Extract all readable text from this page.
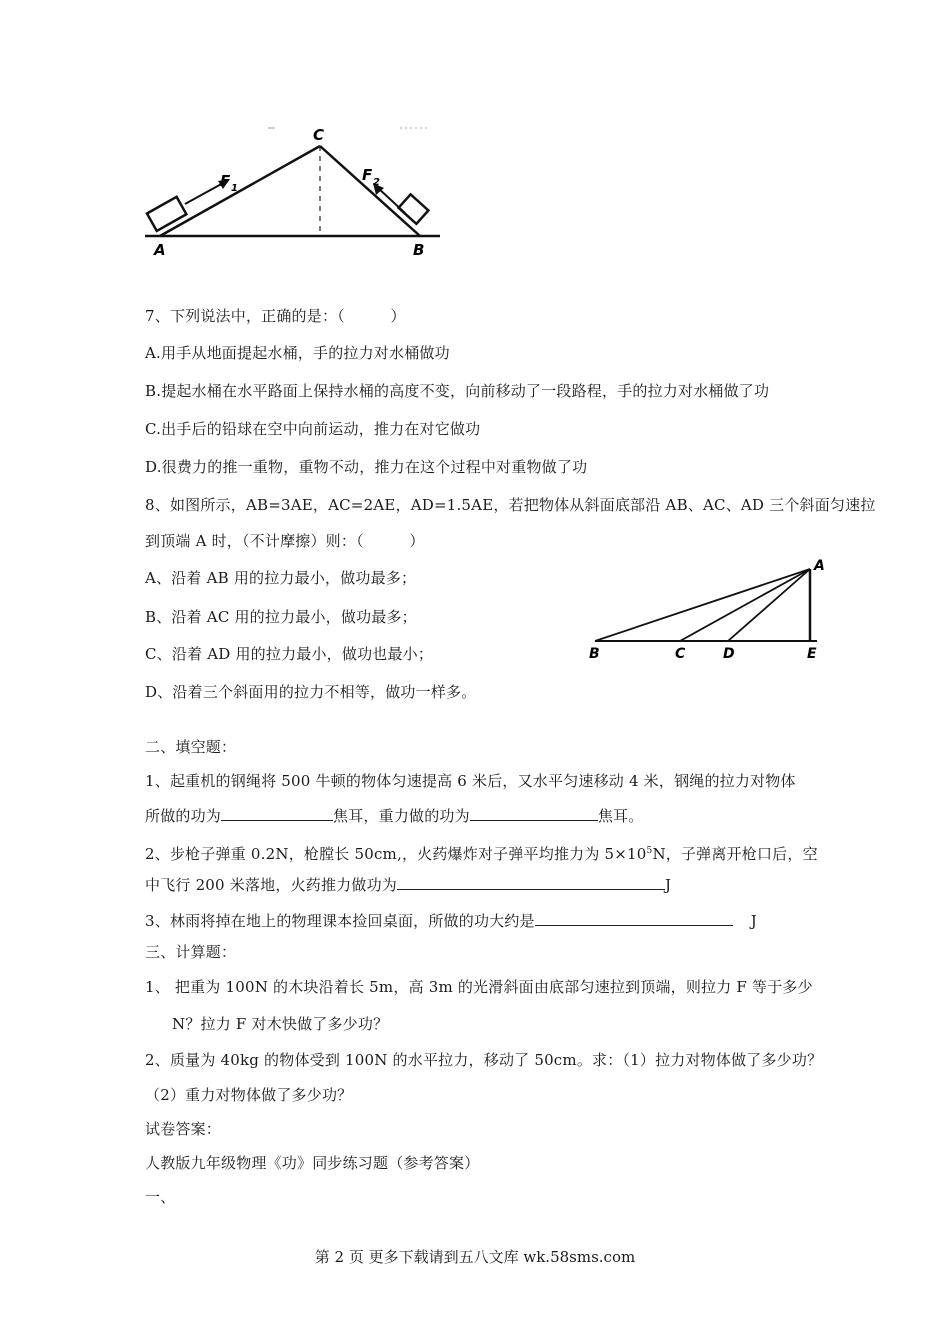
A	B
C
F 1
F 2
7、下列说法中，正确的是：（　　　）
A.用手从地面提起水桶，手的拉力对水桶做功
B.提起水桶在水平路面上保持水桶的高度不变，向前移动了一段路程，手的拉力对水桶做了功
C.出手后的铅球在空中向前运动，推力在对它做功
D.很费力的推一重物，重物不动，推力在这个过程中对重物做了功
8、如图所示，AB=3AE，AC=2AE，AD=1.5AE，若把物体从斜面底部沿 AB、AC、AD 三个斜面匀速拉
到顶端 A 时，（不计摩擦）则：（　　　）
A、沿着 AB 用的拉力最小，做功最多；
B、沿着 AC 用的拉力最小，做功最多；
C、沿着 AD 用的拉力最小，做功也最小；
D、沿着三个斜面用的拉力不相等，做功一样多。
A
B	C	D	E
二、填空题：
1、起重机的钢绳将 500 牛顿的物体匀速提高 6 米后，又水平匀速移动 4 米，钢绳的拉力对物体
所做的功为	焦耳，重力做的功为	焦耳。
2、步枪子弹重 0.2N，枪膛长 50cm,，火药爆炸对子弹平均推力为 $5\times 10^5N$，子弹离开枪口后，空
中飞行 200 米落地，火药推力做功为	J
3、林雨将掉在地上的物理课本捡回桌面，所做的功大约是	J
三、计算题：
1、 把重为 100N 的木块沿着长 5m，高 3m 的光滑斜面由底部匀速拉到顶端，则拉力 F 等于多少
N？拉力 F 对木快做了多少功？
2、质量为 40kg 的物体受到 100N 的水平拉力，移动了 50cm。求：（1）拉力对物体做了多少功？
（2）重力对物体做了多少功？
试卷答案：
人教版九年级物理《功》同步练习题（参考答案）
一、
第 2 页 更多下载请到五八文库 wk.58sms.com
